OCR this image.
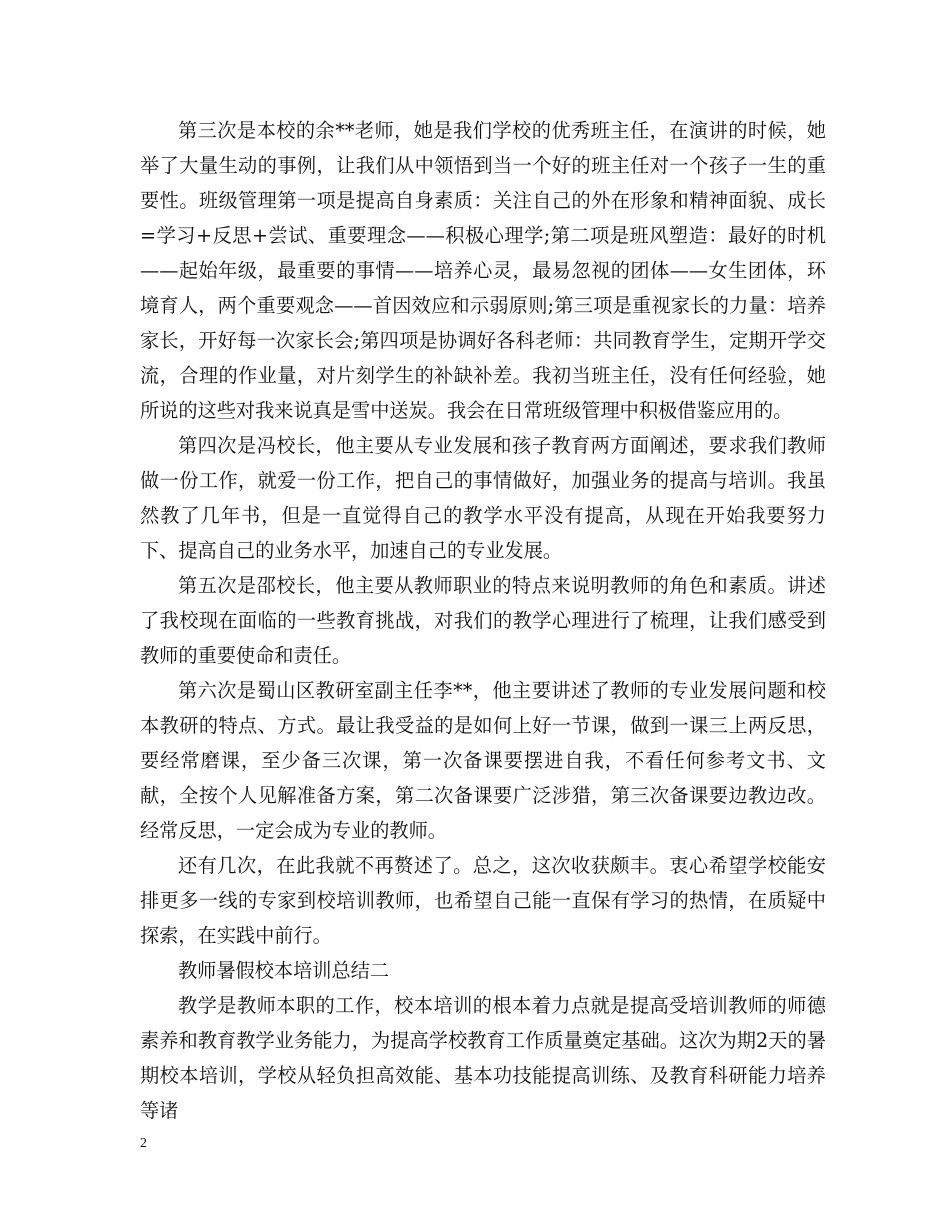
第三次是本校的余**老师，她是我们学校的优秀班主任，在演讲的时候，她举了大量生动的事例，让我们从中领悟到当一个好的班主任对一个孩子一生的重要性。班级管理第一项是提高自身素质：关注自己的外在形象和精神面貌、成长=学习+反思+尝试、重要理念——积极心理学;第二项是班风塑造：最好的时机——起始年级，最重要的事情——培养心灵，最易忽视的团体——女生团体，环境育人，两个重要观念——首因效应和示弱原则;第三项是重视家长的力量：培养家长，开好每一次家长会;第四项是协调好各科老师：共同教育学生，定期开学交流，合理的作业量，对片刻学生的补缺补差。我初当班主任，没有任何经验，她所说的这些对我来说真是雪中送炭。我会在日常班级管理中积极借鉴应用的。

第四次是冯校长，他主要从专业发展和孩子教育两方面阐述，要求我们教师做一份工作，就爱一份工作，把自己的事情做好，加强业务的提高与培训。我虽然教了几年书，但是一直觉得自己的教学水平没有提高，从现在开始我要努力下、提高自己的业务水平，加速自己的专业发展。

第五次是邵校长，他主要从教师职业的特点来说明教师的角色和素质。讲述了我校现在面临的一些教育挑战，对我们的教学心理进行了梳理，让我们感受到教师的重要使命和责任。

第六次是蜀山区教研室副主任李**，他主要讲述了教师的专业发展问题和校本教研的特点、方式。最让我受益的是如何上好一节课，做到一课三上两反思，要经常磨课，至少备三次课，第一次备课要摆进自我，不看任何参考文书、文献，全按个人见解准备方案，第二次备课要广泛涉猎，第三次备课要边教边改。经常反思，一定会成为专业的教师。

还有几次，在此我就不再赘述了。总之，这次收获颇丰。衷心希望学校能安排更多一线的专家到校培训教师，也希望自己能一直保有学习的热情，在质疑中探索，在实践中前行。

教师暑假校本培训总结二

教学是教师本职的工作，校本培训的根本着力点就是提高受培训教师的师德素养和教育教学业务能力，为提高学校教育工作质量奠定基础。这次为期2天的暑期校本培训，学校从轻负担高效能、基本功技能提高训练、及教育科研能力培养等诸

2
